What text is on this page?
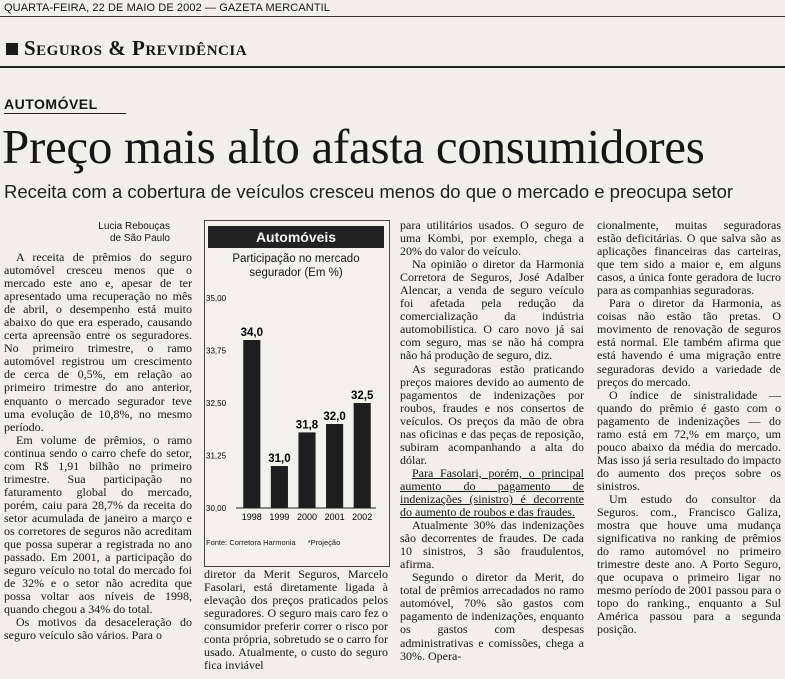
QUARTA-FEIRA, 22 DE MAIO DE 2002 — GAZETA MERCANTIL
Seguros & Previdência
AUTOMÓVEL
Preço mais alto afasta consumidores
Receita com a cobertura de veículos cresceu menos do que o mercado e preocupa setor
Lucia Rebouças
de São Paulo

A receita de prêmios do seguro automóvel cresceu menos que o mercado este ano e, apesar de ter apresentado uma recuperação no mês de abril, o desempenho está muito abaixo do que era esperado, causando certa apreensão entre os seguradores. No primeiro trimestre, o ramo automóvel registrou um crescimento de cerca de 0,5%, em relação ao primeiro trimestre do ano anterior, enquanto o mercado segurador teve uma evolução de 10,8%, no mesmo período.

Em volume de prêmios, o ramo continua sendo o carro chefe do setor, com R$ 1,91 bilhão no primeiro trimestre. Sua participação no faturamento global do mercado, porém, caiu para 28,7% da receita do setor acumulada de janeiro a março e os corretores de seguros não acreditam que possa superar a registrada no ano passado. Em 2001, a participação do seguro veículo no total do mercado foi de 32% e o setor não acredita que possa voltar aos níveis de 1998, quando chegou a 34% do total.

Os motivos da desaceleração do seguro veículo são vários. Para o

Automóveis
Participação no mercado segurador (Em %)
35,00
33,75
32,50
31,25
30,00
34,0
1998
31,0
1999
31,8
2000
32,0
2001
32,5
2002
Fonte: Corretora Harmonia *Projeção

diretor da Merit Seguros, Marcelo Fasolari, está diretamente ligada à elevação dos preços praticados pelos seguradores. O seguro mais caro fez o consumidor preferir correr o risco por conta própria, sobretudo se o carro for usado. Atualmente, o custo do seguro fica inviável

para utilitários usados. O seguro de uma Kombi, por exemplo, chega a 20% do valor do veículo.

Na opinião o diretor da Harmonia Corretora de Seguros, José Adalber Alencar, a venda de seguro veículo foi afetada pela redução da comercialização da indústria automobilística. O caro novo já sai com seguro, mas se não há compra não há produção de seguro, diz.

As seguradoras estão praticando preços maiores devido ao aumento de pagamentos de indenizações por roubos, fraudes e nos consertos de veículos. Os preços da mão de obra nas oficinas e das peças de reposição, subiram acompanhando a alta do dólar.

Para Fasolari, porém, o principal aumento do pagamento de indenizações (sinistro) é decorrente do aumento de roubos e das fraudes.

Atualmente 30% das indenizações são decorrentes de fraudes. De cada 10 sinistros, 3 são fraudulentos, afirma.

Segundo o diretor da Merit, do total de prêmios arrecadados no ramo automóvel, 70% são gastos com pagamento de indenizações, enquanto os gastos com despesas administrativas e comissões, chega a 30%. Opera-

cionalmente, muitas seguradoras estão deficitárias. O que salva são as aplicações financeiras das carteiras, que tem sido a maior e, em alguns casos, a única fonte geradora de lucro para as companhias seguradoras.

Para o diretor da Harmonia, as coisas não estão tão pretas. O movimento de renovação de seguros está normal. Ele também afirma que está havendo é uma migração entre seguradoras devido a variedade de preços do mercado.

O índice de sinistralidade — quando do prêmio é gasto com o pagamento de indenizações — do ramo está em 72,% em março, um pouco abaixo da média do mercado. Mas isso já seria resultado do impacto do aumento dos preços sobre os sinistros.

Um estudo do consultor da Seguros. com., Francisco Galiza, mostra que houve uma mudança significativa no ranking de prêmios do ramo automóvel no primeiro trimestre deste ano. A Porto Seguro, que ocupava o primeiro ligar no mesmo período de 2001 passou para o topo do ranking., enquanto a Sul América passou para a segunda posição.
